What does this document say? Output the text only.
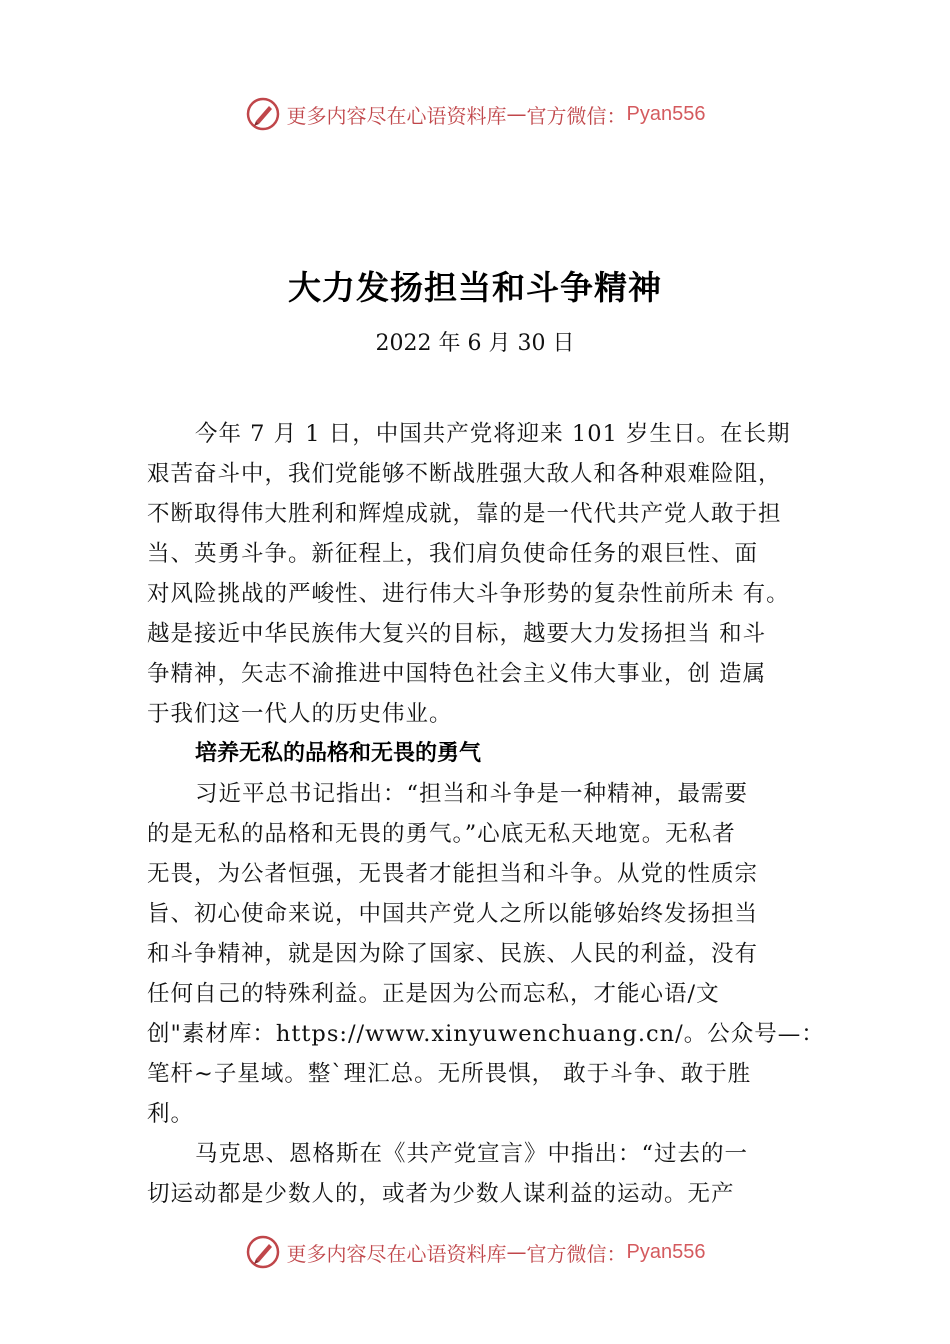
更多内容尽在心语资料库 — 官方微信： Pyan556
大力发扬担当和斗争精神
2022 年 6 月 30 日
今年 7 月 1 日，中国共产党将迎来 101 岁生日。在长期
艰苦奋斗中，我们党能够不断战胜强大敌人和各种艰难险阻，
不断取得伟大胜利和辉煌成就，靠的是一代代共产党人敢于担
当、英勇斗争。新征程上，我们肩负使命任务的艰巨性、面
对风险挑战的严峻性、进行伟大斗争形势的复杂性前所未 有。
越是接近中华民族伟大复兴的目标，越要大力发扬担当 和斗
争精神，矢志不渝推进中国特色社会主义伟大事业，创 造属
于我们这一代人的历史伟业。
培养无私的品格和无畏的勇气
习近平总书记指出：“担当和斗争是一种精神，最需要
的是无私的品格和无畏的勇气。”心底无私天地宽。无私者
无畏，为公者恒强，无畏者才能担当和斗争。从党的性质宗
旨、初心使命来说，中国共产党人之所以能够始终发扬担当
和斗争精神，就是因为除了国家、民族、人民的利益，没有
任何自己的特殊利益。正是因为公而忘私，才能心语/文
创"素材库：https://www.xinyuwenchuang.cn/。公众号—：
笔杆~子星域。整`理汇总。无所畏惧， 敢于斗争、敢于胜
利。
马克思、恩格斯在《共产党宣言》中指出：“过去的一
切运动都是少数人的，或者为少数人谋利益的运动。无产
更多内容尽在心语资料库 — 官方微信： Pyan556
